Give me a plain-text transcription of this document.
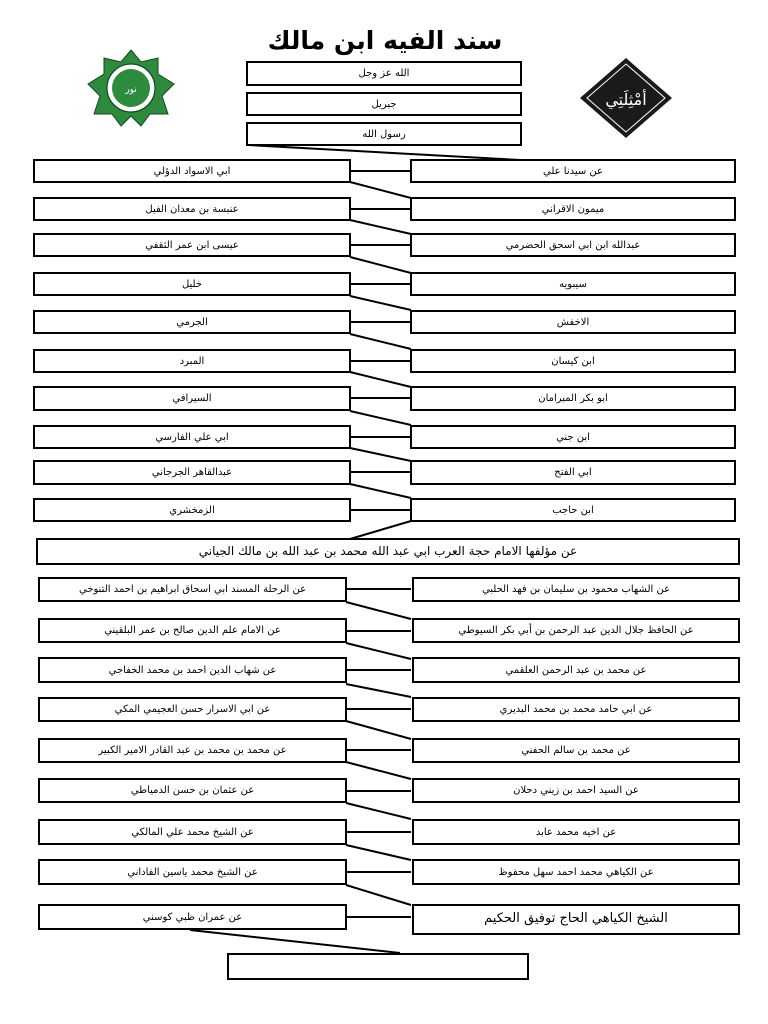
سند الفيه ابن مالك
نور	أمْثِلَتِي
الله عز وجل
جبريل
رسول الله
عن سيدنا علي
ابي الاسواد الدؤلي
ميمون الاقراني
عنبسة بن معدان الفيل
عبدالله ابن ابي اسحق الحضرمي
عيسى ابن عمر الثقفي
سيبويه
خليل
الاخفش
الجرمي
ابن كيسان
المبرد
ابو بكر المبرامان
السيرافي
ابن جني
ابي علي الفارسي
ابي الفتح
عبدالقاهر الجرجاني
ابن حاجب
الزمخشري
عن مؤلفها الامام حجة العرب ابي عبد الله محمد بن عبد الله بن مالك الجياني
عن الشهاب محمود بن سليمان بن فهد الحلبي
عن الرحلة المسند ابي اسحاق ابراهيم بن احمد التنوخي
عن الحافظ جلال الدين عبد الرحمن بن أبي بكر السيوطي
عن الامام علم الدين صالح بن عمر البلقيني
عن محمد بن عبد الرحمن العلقمي
عن شهاب الدين احمد بن محمد الخفاجي
عن ابي حامد محمد بن محمد البديري
عن ابي الاسرار حسن العجيمي المكي
عن محمد بن سالم الحفني
عن محمد بن محمد بن عبد القادر الامير الكبير
عن السيد احمد بن زيني دحلان
عن عثمان بن حسن الدمياطي
عن اخيه محمد عابد
عن الشيخ محمد علي المالكي
عن الكياهي محمد احمد سهل محفوظ
عن الشيخ محمد ياسين الفاداني
الشيخ الكياهي الحاج توفيق الحكيم
عن عمران ظبي كوسني
